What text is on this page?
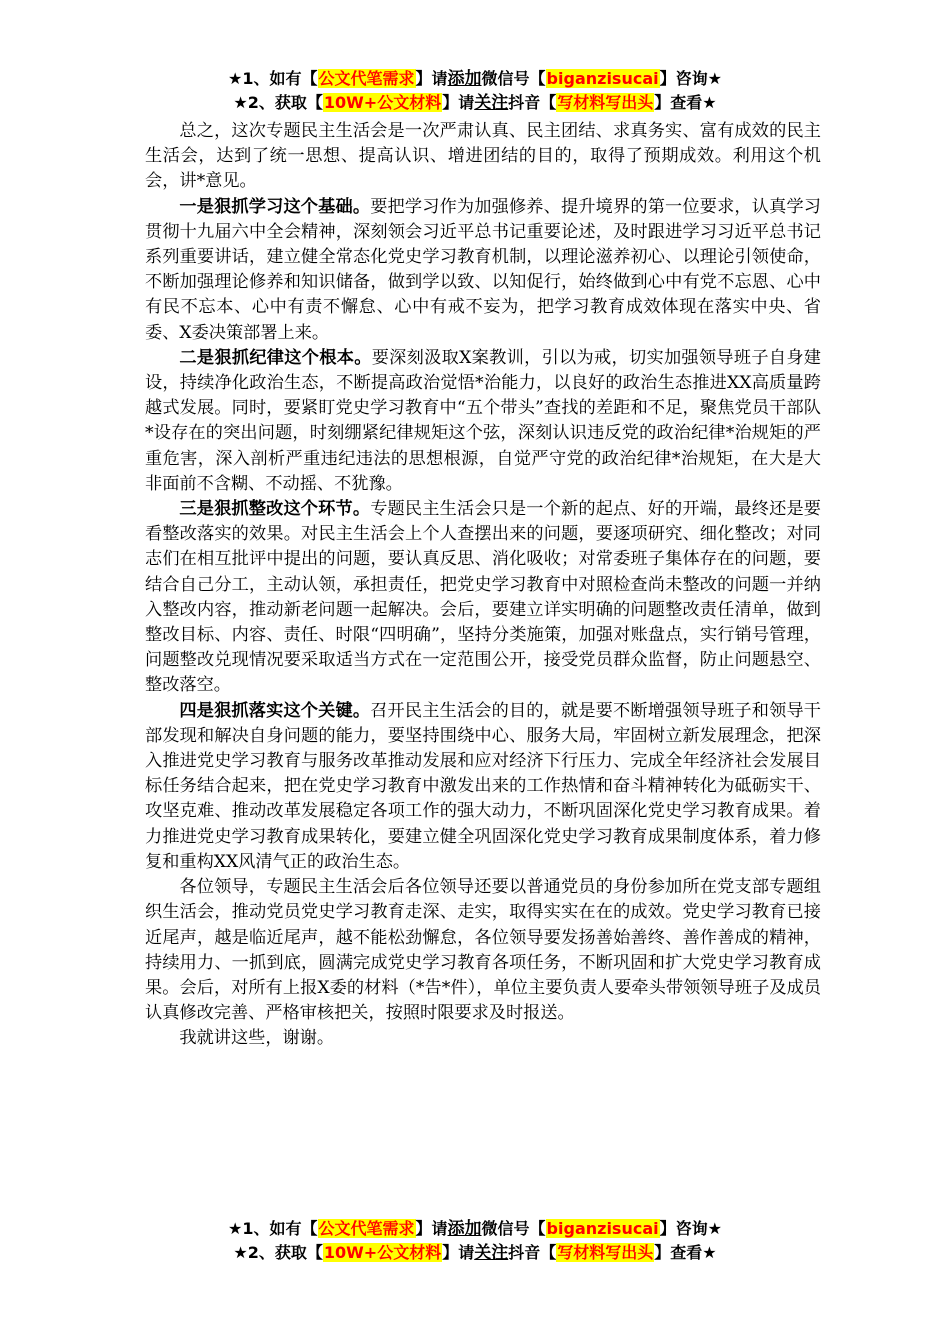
★1、如有【公文代笔需求】请添加微信号【biganzisucai】咨询★
★2、获取【10W+公文材料】请关注抖音【写材料写出头】查看★

总之，这次专题民主生活会是一次严肃认真、民主团结、求真务实、富有成效的民主生活会，达到了统一思想、提高认识、增进团结的目的，取得了预期成效。利用这个机会，讲*意见。

一是狠抓学习这个基础。要把学习作为加强修养、提升境界的第一位要求，认真学习贯彻十九届六中全会精神，深刻领会习近平总书记重要论述，及时跟进学习习近平总书记系列重要讲话，建立健全常态化党史学习教育机制，以理论滋养初心、以理论引领使命，不断加强理论修养和知识储备，做到学以致、以知促行，始终做到心中有党不忘恩、心中有民不忘本、心中有责不懈怠、心中有戒不妄为，把学习教育成效体现在落实中央、省委、X委决策部署上来。

二是狠抓纪律这个根本。要深刻汲取X案教训，引以为戒，切实加强领导班子自身建设，持续净化政治生态，不断提高政治觉悟*治能力，以良好的政治生态推进XX高质量跨越式发展。同时，要紧盯党史学习教育中“五个带头”查找的差距和不足，聚焦党员干部队*设存在的突出问题，时刻绷紧纪律规矩这个弦，深刻认识违反党的政治纪律*治规矩的严重危害，深入剖析严重违纪违法的思想根源，自觉严守党的政治纪律*治规矩，在大是大非面前不含糊、不动摇、不犹豫。

三是狠抓整改这个环节。专题民主生活会只是一个新的起点、好的开端，最终还是要看整改落实的效果。对民主生活会上个人查摆出来的问题，要逐项研究、细化整改；对同志们在相互批评中提出的问题，要认真反思、消化吸收；对常委班子集体存在的问题，要结合自己分工，主动认领，承担责任，把党史学习教育中对照检查尚未整改的问题一并纳入整改内容，推动新老问题一起解决。会后，要建立详实明确的问题整改责任清单，做到整改目标、内容、责任、时限“四明确”，坚持分类施策，加强对账盘点，实行销号管理，问题整改兑现情况要采取适当方式在一定范围公开，接受党员群众监督，防止问题悬空、整改落空。

四是狠抓落实这个关键。召开民主生活会的目的，就是要不断增强领导班子和领导干部发现和解决自身问题的能力，要坚持围绕中心、服务大局，牢固树立新发展理念，把深入推进党史学习教育与服务改革推动发展和应对经济下行压力、完成全年经济社会发展目标任务结合起来，把在党史学习教育中激发出来的工作热情和奋斗精神转化为砥砺实干、攻坚克难、推动改革发展稳定各项工作的强大动力，不断巩固深化党史学习教育成果。着力推进党史学习教育成果转化，要建立健全巩固深化党史学习教育成果制度体系，着力修复和重构XX风清气正的政治生态。

各位领导，专题民主生活会后各位领导还要以普通党员的身份参加所在党支部专题组织生活会，推动党员党史学习教育走深、走实，取得实实在在的成效。党史学习教育已接近尾声，越是临近尾声，越不能松劲懈怠，各位领导要发扬善始善终、善作善成的精神，持续用力、一抓到底，圆满完成党史学习教育各项任务，不断巩固和扩大党史学习教育成果。会后，对所有上报X委的材料（*告*件），单位主要负责人要牵头带领领导班子及成员认真修改完善、严格审核把关，按照时限要求及时报送。

我就讲这些，谢谢。

★1、如有【公文代笔需求】请添加微信号【biganzisucai】咨询★
★2、获取【10W+公文材料】请关注抖音【写材料写出头】查看★
